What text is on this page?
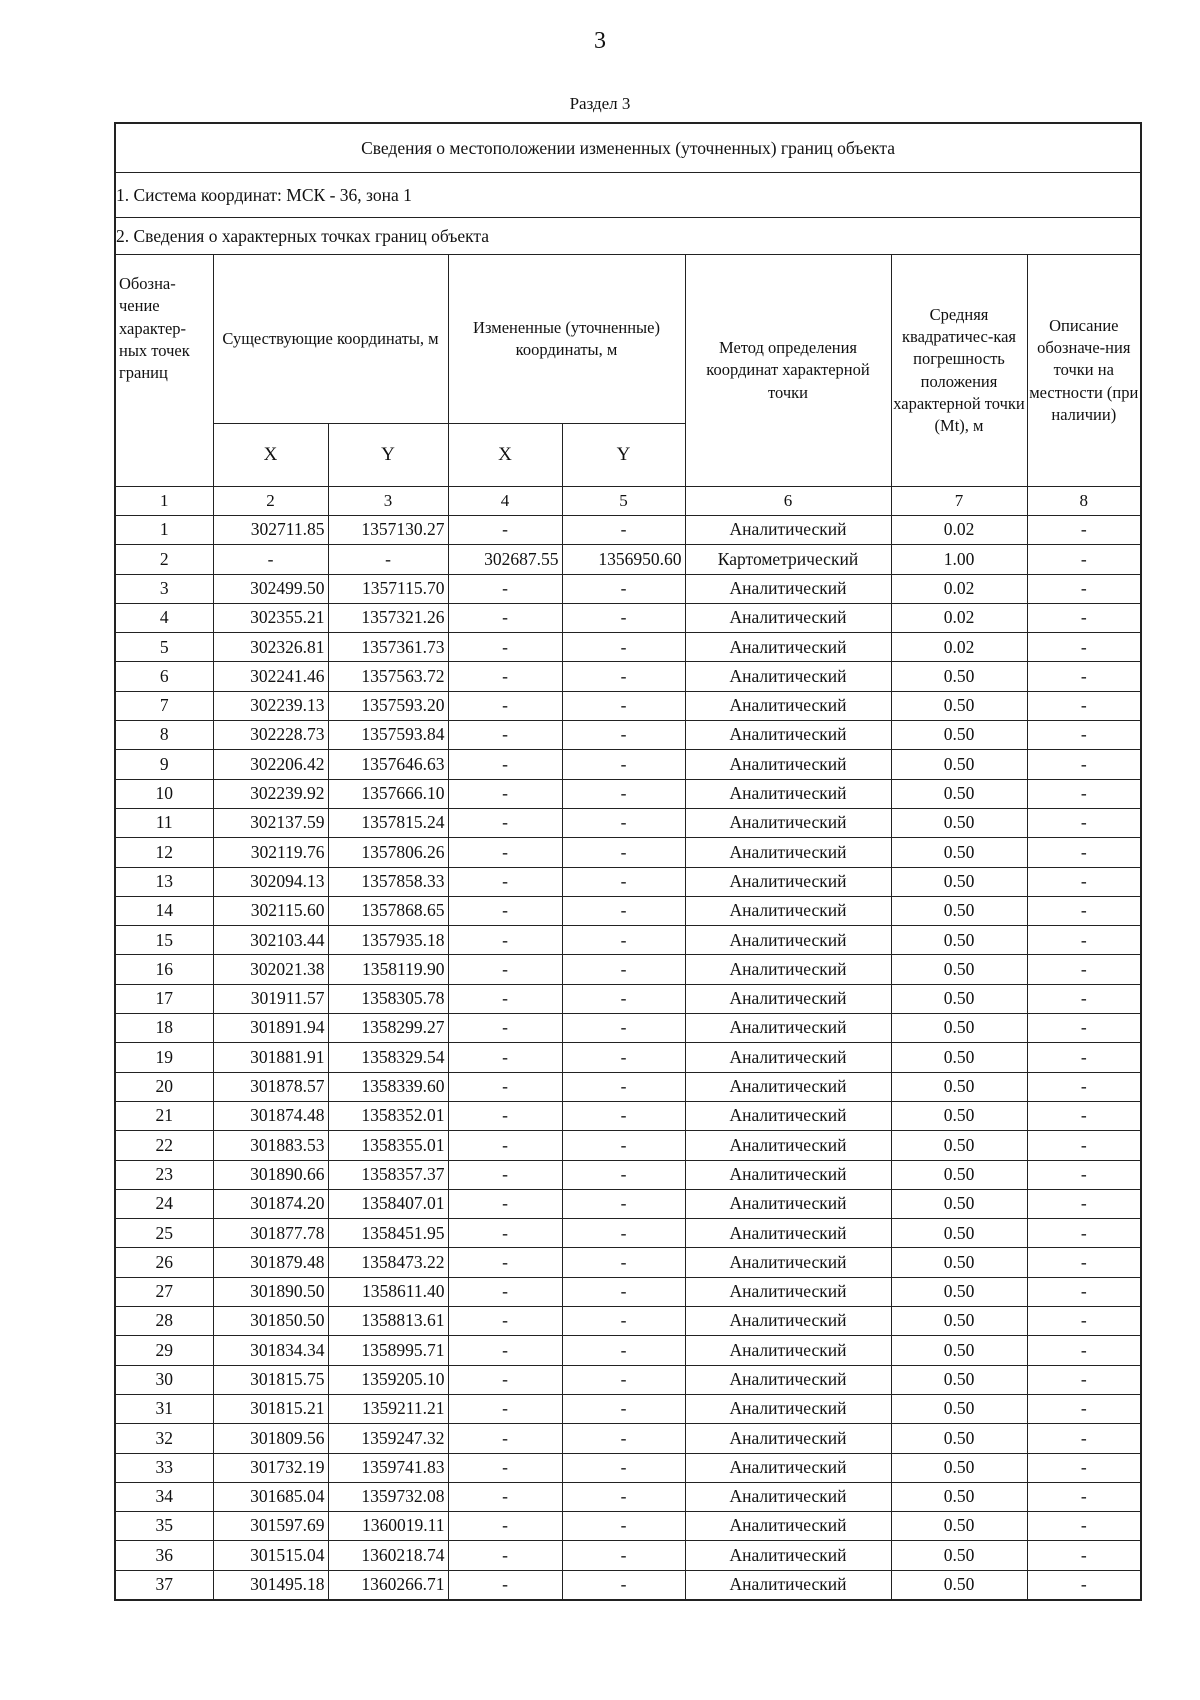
3
Раздел 3
Сведения о местоположении измененных (уточненных) границ объекта							
1. Система координат: МСК - 36, зона 1							
2. Сведения о характерных точках границ объекта							
Обозна-чение характер-ных точек границ	Существующие координаты, м		Измененные (уточненные) координаты, м		Метод определения координат характерной точки	Средняя квадратичес-кая погрешность положения характерной точки (Mt), м	Описание обозначе-ния точки на местности (при наличии)
	X	Y	X	Y			
1	2	3	4	5	6	7	8
1	302711.85	1357130.27	-	-	Аналитический	0.02	-
2	-	-	302687.55	1356950.60	Картометрический	1.00	-
3	302499.50	1357115.70	-	-	Аналитический	0.02	-
4	302355.21	1357321.26	-	-	Аналитический	0.02	-
5	302326.81	1357361.73	-	-	Аналитический	0.02	-
6	302241.46	1357563.72	-	-	Аналитический	0.50	-
7	302239.13	1357593.20	-	-	Аналитический	0.50	-
8	302228.73	1357593.84	-	-	Аналитический	0.50	-
9	302206.42	1357646.63	-	-	Аналитический	0.50	-
10	302239.92	1357666.10	-	-	Аналитический	0.50	-
11	302137.59	1357815.24	-	-	Аналитический	0.50	-
12	302119.76	1357806.26	-	-	Аналитический	0.50	-
13	302094.13	1357858.33	-	-	Аналитический	0.50	-
14	302115.60	1357868.65	-	-	Аналитический	0.50	-
15	302103.44	1357935.18	-	-	Аналитический	0.50	-
16	302021.38	1358119.90	-	-	Аналитический	0.50	-
17	301911.57	1358305.78	-	-	Аналитический	0.50	-
18	301891.94	1358299.27	-	-	Аналитический	0.50	-
19	301881.91	1358329.54	-	-	Аналитический	0.50	-
20	301878.57	1358339.60	-	-	Аналитический	0.50	-
21	301874.48	1358352.01	-	-	Аналитический	0.50	-
22	301883.53	1358355.01	-	-	Аналитический	0.50	-
23	301890.66	1358357.37	-	-	Аналитический	0.50	-
24	301874.20	1358407.01	-	-	Аналитический	0.50	-
25	301877.78	1358451.95	-	-	Аналитический	0.50	-
26	301879.48	1358473.22	-	-	Аналитический	0.50	-
27	301890.50	1358611.40	-	-	Аналитический	0.50	-
28	301850.50	1358813.61	-	-	Аналитический	0.50	-
29	301834.34	1358995.71	-	-	Аналитический	0.50	-
30	301815.75	1359205.10	-	-	Аналитический	0.50	-
31	301815.21	1359211.21	-	-	Аналитический	0.50	-
32	301809.56	1359247.32	-	-	Аналитический	0.50	-
33	301732.19	1359741.83	-	-	Аналитический	0.50	-
34	301685.04	1359732.08	-	-	Аналитический	0.50	-
35	301597.69	1360019.11	-	-	Аналитический	0.50	-
36	301515.04	1360218.74	-	-	Аналитический	0.50	-
37	301495.18	1360266.71	-	-	Аналитический	0.50	-
